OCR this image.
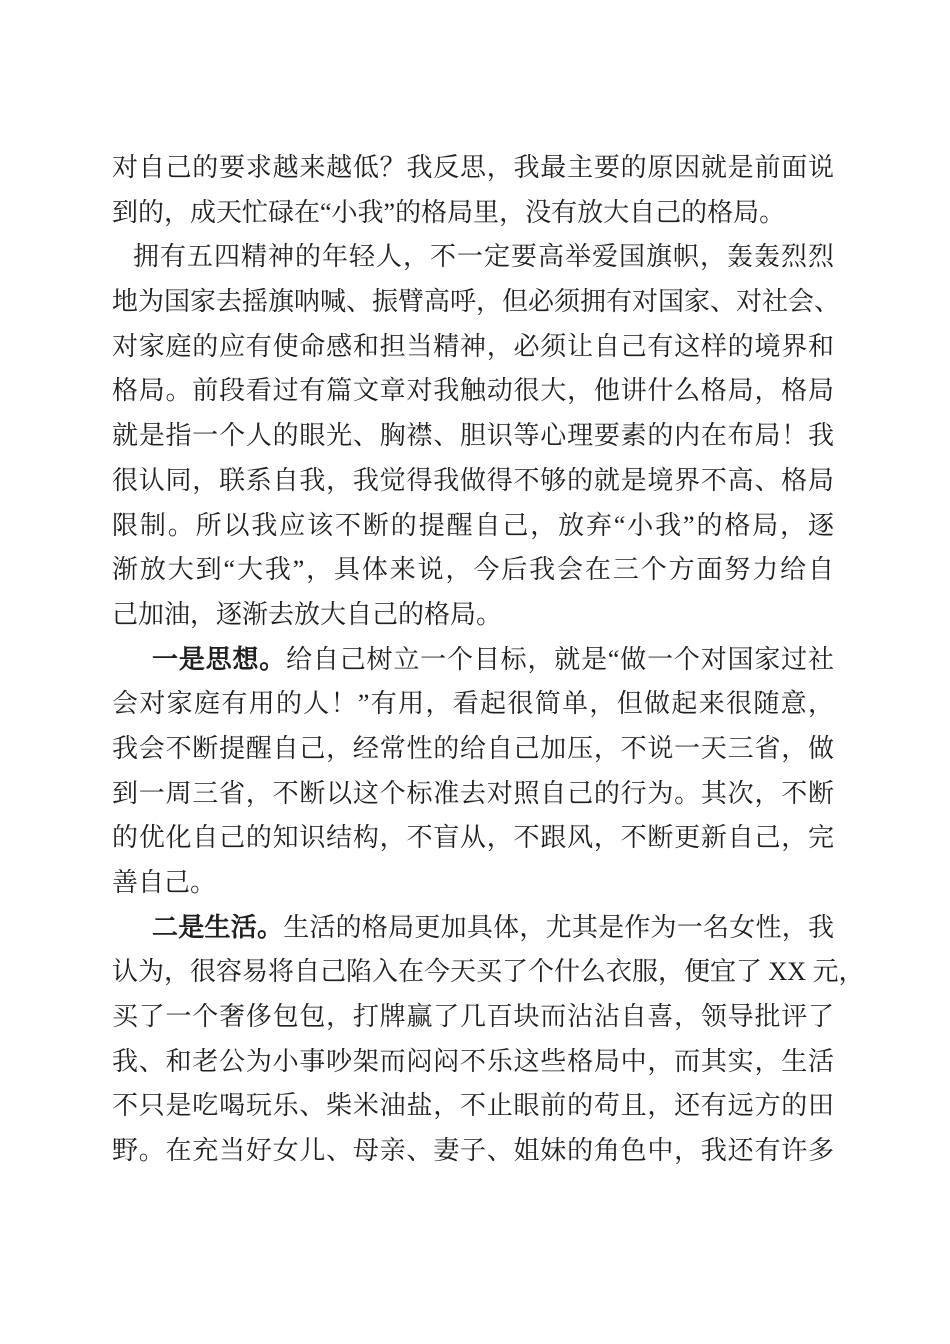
对自己的要求越来越低？我反思，我最主要的原因就是前面说
到的，成天忙碌在“小我”的格局里，没有放大自己的格局。
拥有五四精神的年轻人，不一定要高举爱国旗帜，轰轰烈烈
地为国家去摇旗呐喊、振臂高呼，但必须拥有对国家、对社会、
对家庭的应有使命感和担当精神，必须让自己有这样的境界和
格局。前段看过有篇文章对我触动很大，他讲什么格局，格局
就是指一个人的眼光、胸襟、胆识等心理要素的内在布局！我
很认同，联系自我，我觉得我做得不够的就是境界不高、格局
限制。所以我应该不断的提醒自己，放弃“小我”的格局，逐
渐放大到“大我”，具体来说，今后我会在三个方面努力给自
己加油，逐渐去放大自己的格局。
一是思想。给自己树立一个目标，就是“做一个对国家过社
会对家庭有用的人！”有用，看起很简单，但做起来很随意，
我会不断提醒自己，经常性的给自己加压，不说一天三省，做
到一周三省，不断以这个标准去对照自己的行为。其次，不断
的优化自己的知识结构，不盲从，不跟风，不断更新自己，完
善自己。
二是生活。生活的格局更加具体，尤其是作为一名女性，我
认为，很容易将自己陷入在今天买了个什么衣服，便宜了 XX 元，
买了一个奢侈包包，打牌赢了几百块而沾沾自喜，领导批评了
我、和老公为小事吵架而闷闷不乐这些格局中，而其实，生活
不只是吃喝玩乐、柴米油盐，不止眼前的苟且，还有远方的田
野。在充当好女儿、母亲、妻子、姐妹的角色中，我还有许多
